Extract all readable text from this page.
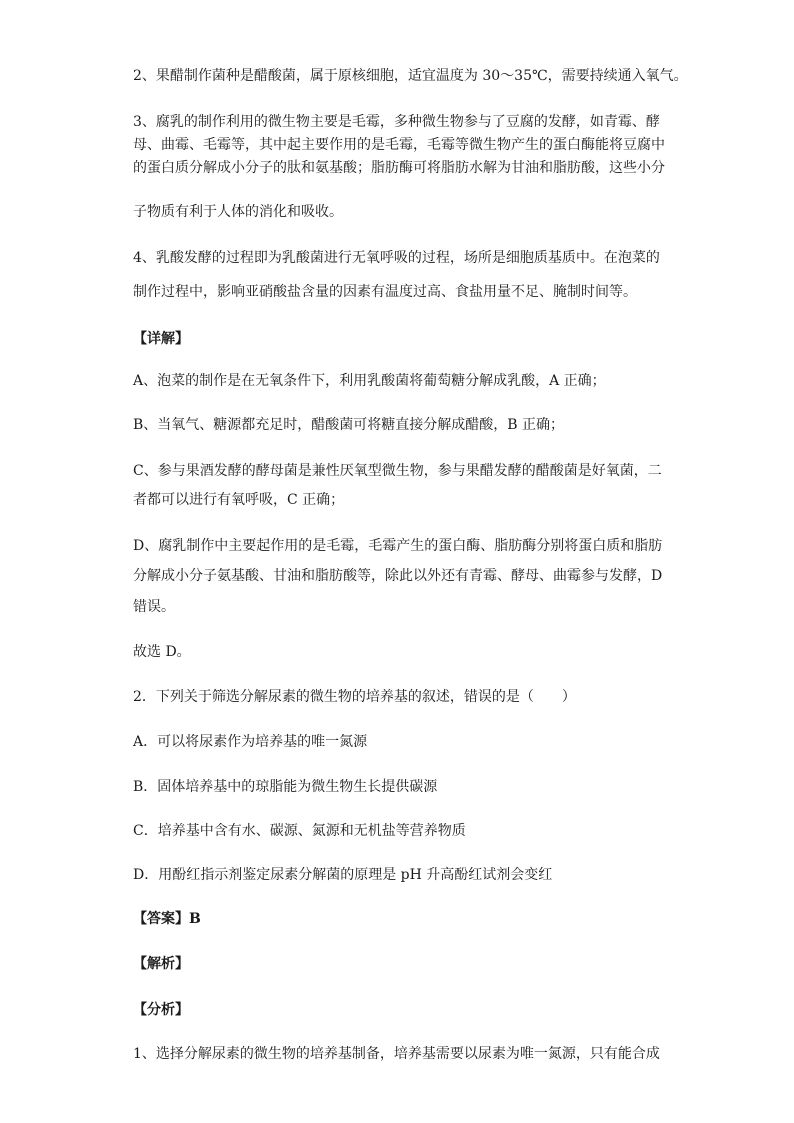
2、果醋制作菌种是醋酸菌，属于原核细胞，适宜温度为 30～35℃，需要持续通入氧气。
3、腐乳的制作利用的微生物主要是毛霉，多种微生物参与了豆腐的发酵，如青霉、酵
母、曲霉、毛霉等，其中起主要作用的是毛霉，毛霉等微生物产生的蛋白酶能将豆腐中
的蛋白质分解成小分子的肽和氨基酸；脂肪酶可将脂肪水解为甘油和脂肪酸，这些小分
子物质有利于人体的消化和吸收。
4、乳酸发酵的过程即为乳酸菌进行无氧呼吸的过程，场所是细胞质基质中。在泡菜的
制作过程中，影响亚硝酸盐含量的因素有温度过高、食盐用量不足、腌制时间等。
【详解】
A、泡菜的制作是在无氧条件下，利用乳酸菌将葡萄糖分解成乳酸，A 正确；
B、当氧气、糖源都充足时，醋酸菌可将糖直接分解成醋酸，B 正确；
C、参与果酒发酵的酵母菌是兼性厌氧型微生物，参与果醋发酵的醋酸菌是好氧菌，二
者都可以进行有氧呼吸，C 正确；
D、腐乳制作中主要起作用的是毛霉，毛霉产生的蛋白酶、脂肪酶分别将蛋白质和脂肪
分解成小分子氨基酸、甘油和脂肪酸等，除此以外还有青霉、酵母、曲霉参与发酵，D
错误。
故选 D。
2．下列关于筛选分解尿素的微生物的培养基的叙述，错误的是（　　）
A．可以将尿素作为培养基的唯一氮源
B．固体培养基中的琼脂能为微生物生长提供碳源
C．培养基中含有水、碳源、氮源和无机盐等营养物质
D．用酚红指示剂鉴定尿素分解菌的原理是 pH 升高酚红试剂会变红
【答案】B
【解析】
【分析】
1、选择分解尿素的微生物的培养基制备，培养基需要以尿素为唯一氮源，只有能合成
